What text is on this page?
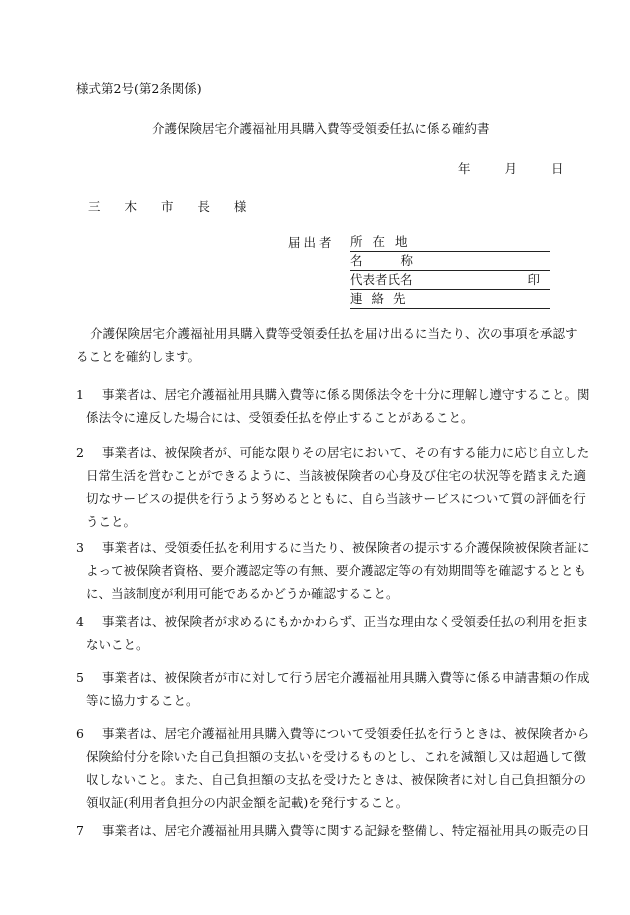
様式第2号(第2条関係)
介護保険居宅介護福祉用具購入費等受領委任払に係る確約書
年	月	日
三 木 市 長 様
届出者 所在地
名称
代表者氏名	印
連絡先
介護保険居宅介護福祉用具購入費等受領委任払を届け出るに当たり、次の事項を承認す
ることを確約します。
1 事業者は、居宅介護福祉用具購入費等に係る関係法令を十分に理解し遵守すること。関
係法令に違反した場合には、受領委任払を停止することがあること。
2 事業者は、被保険者が、可能な限りその居宅において、その有する能力に応じ自立した
日常生活を営むことができるように、当該被保険者の心身及び住宅の状況等を踏まえた適
切なサービスの提供を行うよう努めるとともに、自ら当該サービスについて質の評価を行
うこと。
3 事業者は、受領委任払を利用するに当たり、被保険者の提示する介護保険被保険者証に
よって被保険者資格、要介護認定等の有無、要介護認定等の有効期間等を確認するととも
に、当該制度が利用可能であるかどうか確認すること。
4 事業者は、被保険者が求めるにもかかわらず、正当な理由なく受領委任払の利用を拒ま
ないこと。
5 事業者は、被保険者が市に対して行う居宅介護福祉用具購入費等に係る申請書類の作成
等に協力すること。
6 事業者は、居宅介護福祉用具購入費等について受領委任払を行うときは、被保険者から
保険給付分を除いた自己負担額の支払いを受けるものとし、これを減額し又は超過して徴
収しないこと。また、自己負担額の支払を受けたときは、被保険者に対し自己負担額分の
領収証(利用者負担分の内訳金額を記載)を発行すること。
7 事業者は、居宅介護福祉用具購入費等に関する記録を整備し、特定福祉用具の販売の日
